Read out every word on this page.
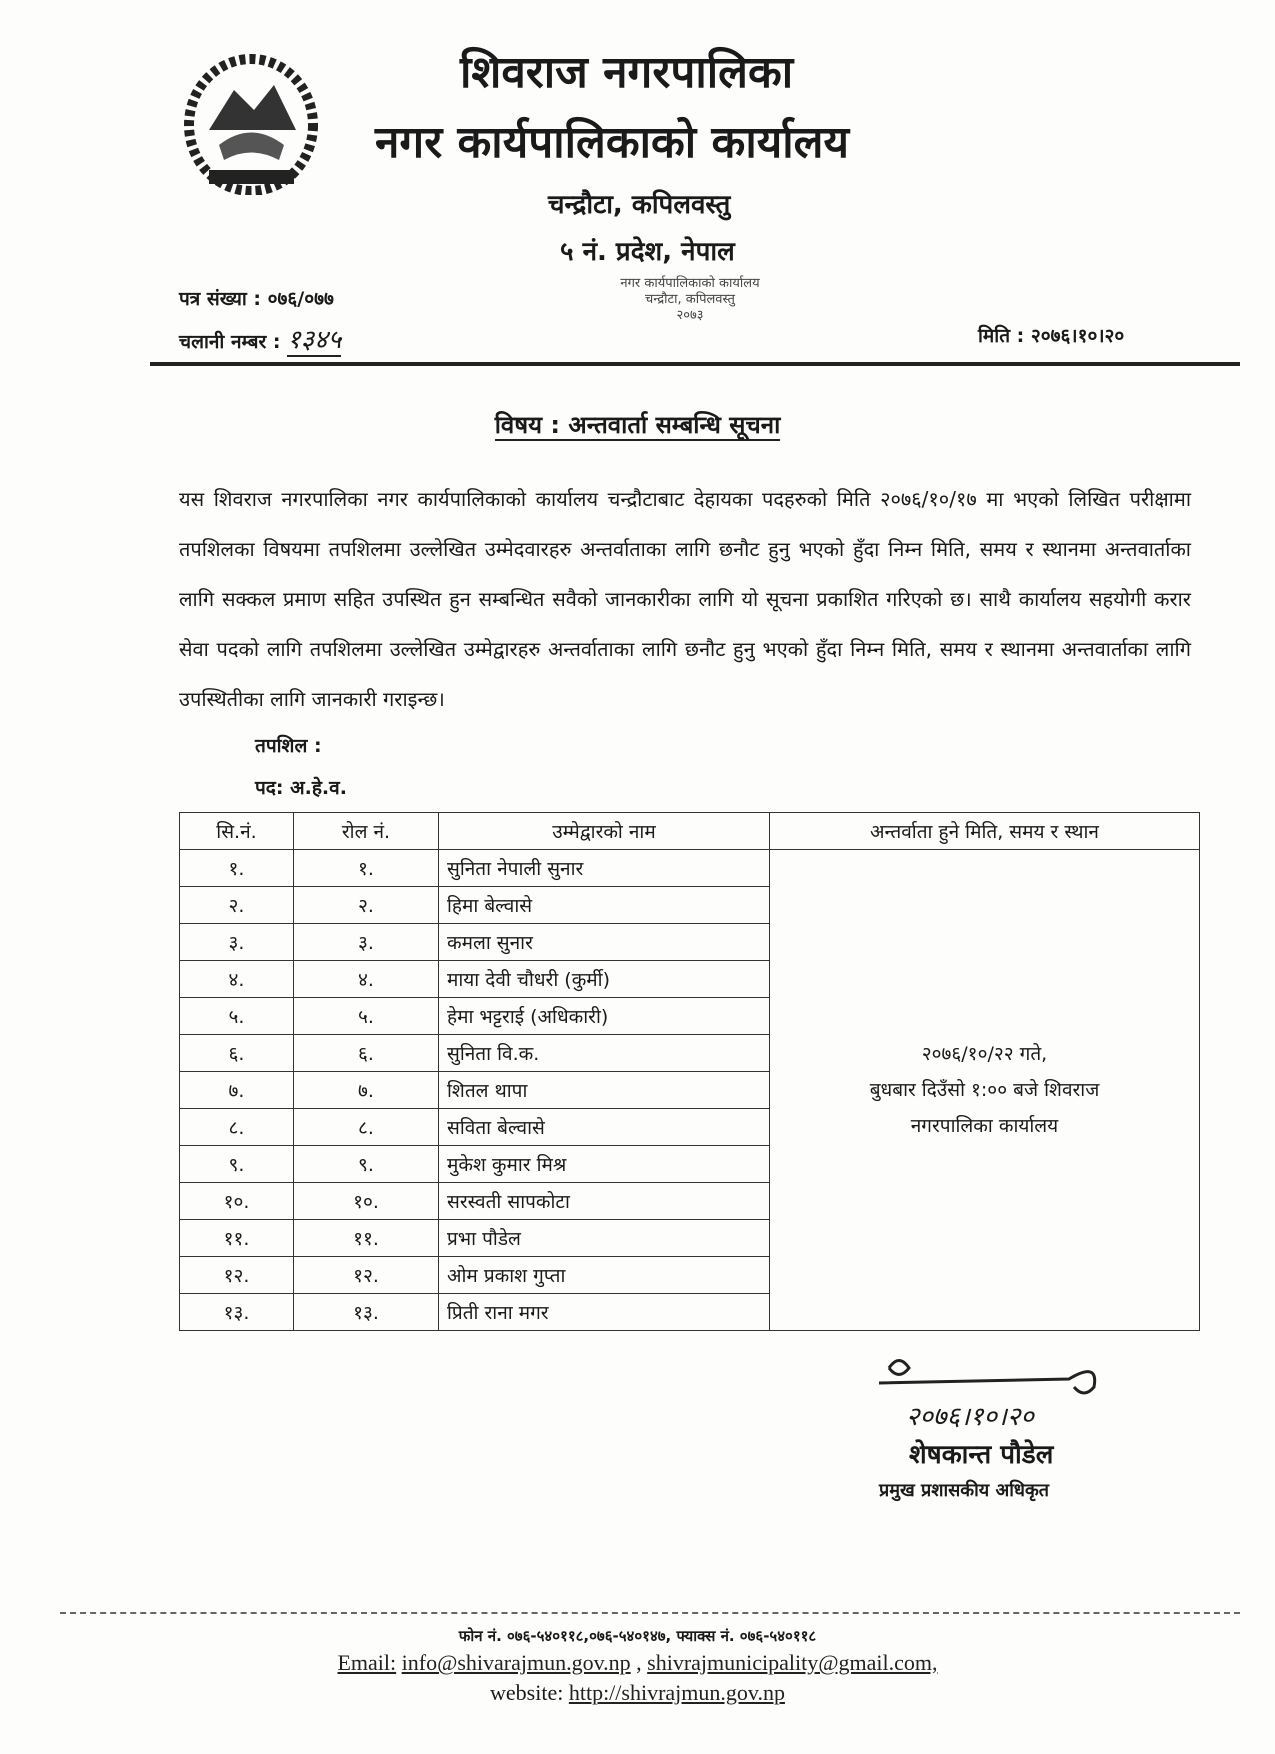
शिवराज नगरपालिका
नगर कार्यपालिकाको कार्यालय
चन्द्रौटा, कपिलवस्तु
५ नं. प्रदेश, नेपाल
नगर कार्यपालिकाको कार्यालय
चन्द्रौटा, कपिलवस्तु
२०७३
पत्र संख्या : ०७६/०७७
चलानी नम्बर : १३४५	मिति : २०७६।१०।२०
विषय : अन्तवार्ता सम्बन्धि सूचना
यस शिवराज नगरपालिका नगर कार्यपालिकाको कार्यालय चन्द्रौटाबाट देहायका पदहरुको मिति २०७६/१०/१७ मा भएको लिखित परीक्षामा तपशिलका विषयमा तपशिलमा उल्लेखित उम्मेदवारहरु अन्तर्वाताका लागि छनौट हुनु भएको हुँदा निम्न मिति, समय र स्थानमा अन्तवार्ताका लागि सक्कल प्रमाण सहित उपस्थित हुन सम्बन्धित सवैको जानकारीका लागि यो सूचना प्रकाशित गरिएको छ। साथै कार्यालय सहयोगी करार सेवा पदको लागि तपशिलमा उल्लेखित उम्मेद्वारहरु अन्तर्वाताका लागि छनौट हुनु भएको हुँदा निम्न मिति, समय र स्थानमा अन्तवार्ताका लागि उपस्थितीका लागि जानकारी गराइन्छ।
तपशिल :
पद: अ.हे.व.
सि.नं.	रोल नं.	उम्मेद्वारको नाम	अन्तर्वाता हुने मिति, समय र स्थान
१.	१.	सुनिता नेपाली सुनार	२०७६/१०/२२ गते,
बुधबार दिउँसो १:०० बजे शिवराज
नगरपालिका कार्यालय

२.	२.	हिमा बेल्वासे	
३.	३.	कमला सुनार	
४.	४.	माया देवी चौधरी (कुर्मी)	
५.	५.	हेमा भट्टराई (अधिकारी)	
६.	६.	सुनिता वि.क.	
७.	७.	शितल थापा	
८.	८.	सविता बेल्वासे	
९.	९.	मुकेश कुमार मिश्र	
१०.	१०.	सरस्वती सापकोटा	
११.	११.	प्रभा पौडेल	
१२.	१२.	ओम प्रकाश गुप्ता	
१३.	१३.	प्रिती राना मगर	
२०७६।१०।२०
शेषकान्त पौडेल
प्रमुख प्रशासकीय अधिकृत
फोन नं. ०७६-५४०११८,०७६-५४०१४७, फ्याक्स नं. ०७६-५४०११८
Email: info@shivarajmun.gov.np , shivrajmunicipality@gmail.com,
website: http://shivrajmun.gov.np
